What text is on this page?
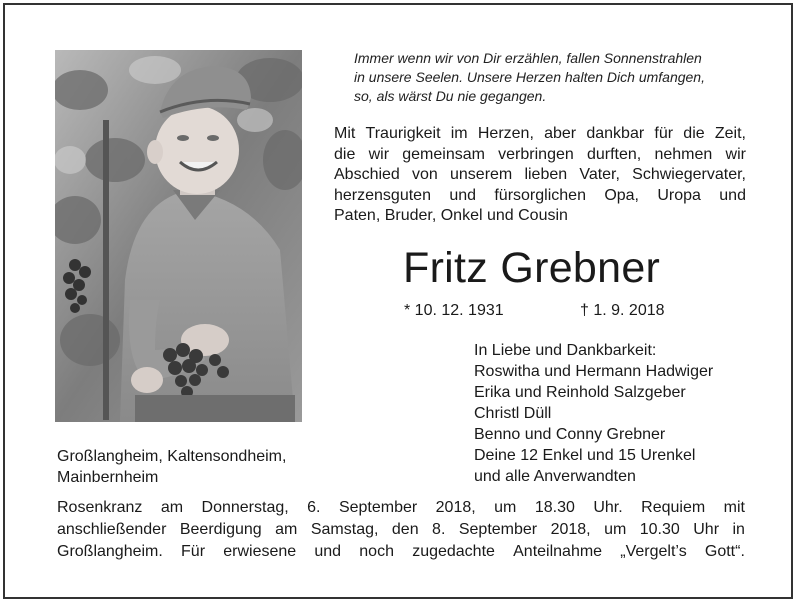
Immer wenn wir von Dir erzählen, fallen Sonnenstrahlen
in unsere Seelen. Unsere Herzen halten Dich umfangen,
so, als wärst Du nie gegangen.
Mit Traurigkeit im Herzen, aber dankbar für die Zeit,
die wir gemeinsam verbringen durften, nehmen wir
Abschied von unserem lieben Vater, Schwiegervater,
herzensguten und fürsorglichen Opa, Uropa und
Paten, Bruder, Onkel und Cousin
Fritz Grebner
* 10. 12. 1931	† 1. 9. 2018
In Liebe und Dankbarkeit:
Roswitha und Hermann Hadwiger
Erika und Reinhold Salzgeber
Christl Düll
Benno und Conny Grebner
Deine 12 Enkel und 15 Urenkel
und alle Anverwandten
Großlangheim, Kaltensondheim,
Mainbernheim
Rosenkranz am Donnerstag, 6. September 2018, um 18.30 Uhr. Requiem mit
anschließender Beerdigung am Samstag, den 8. September 2018, um 10.30 Uhr in
Großlangheim. Für erwiesene und noch zugedachte Anteilnahme „Vergelt’s Gott“.
